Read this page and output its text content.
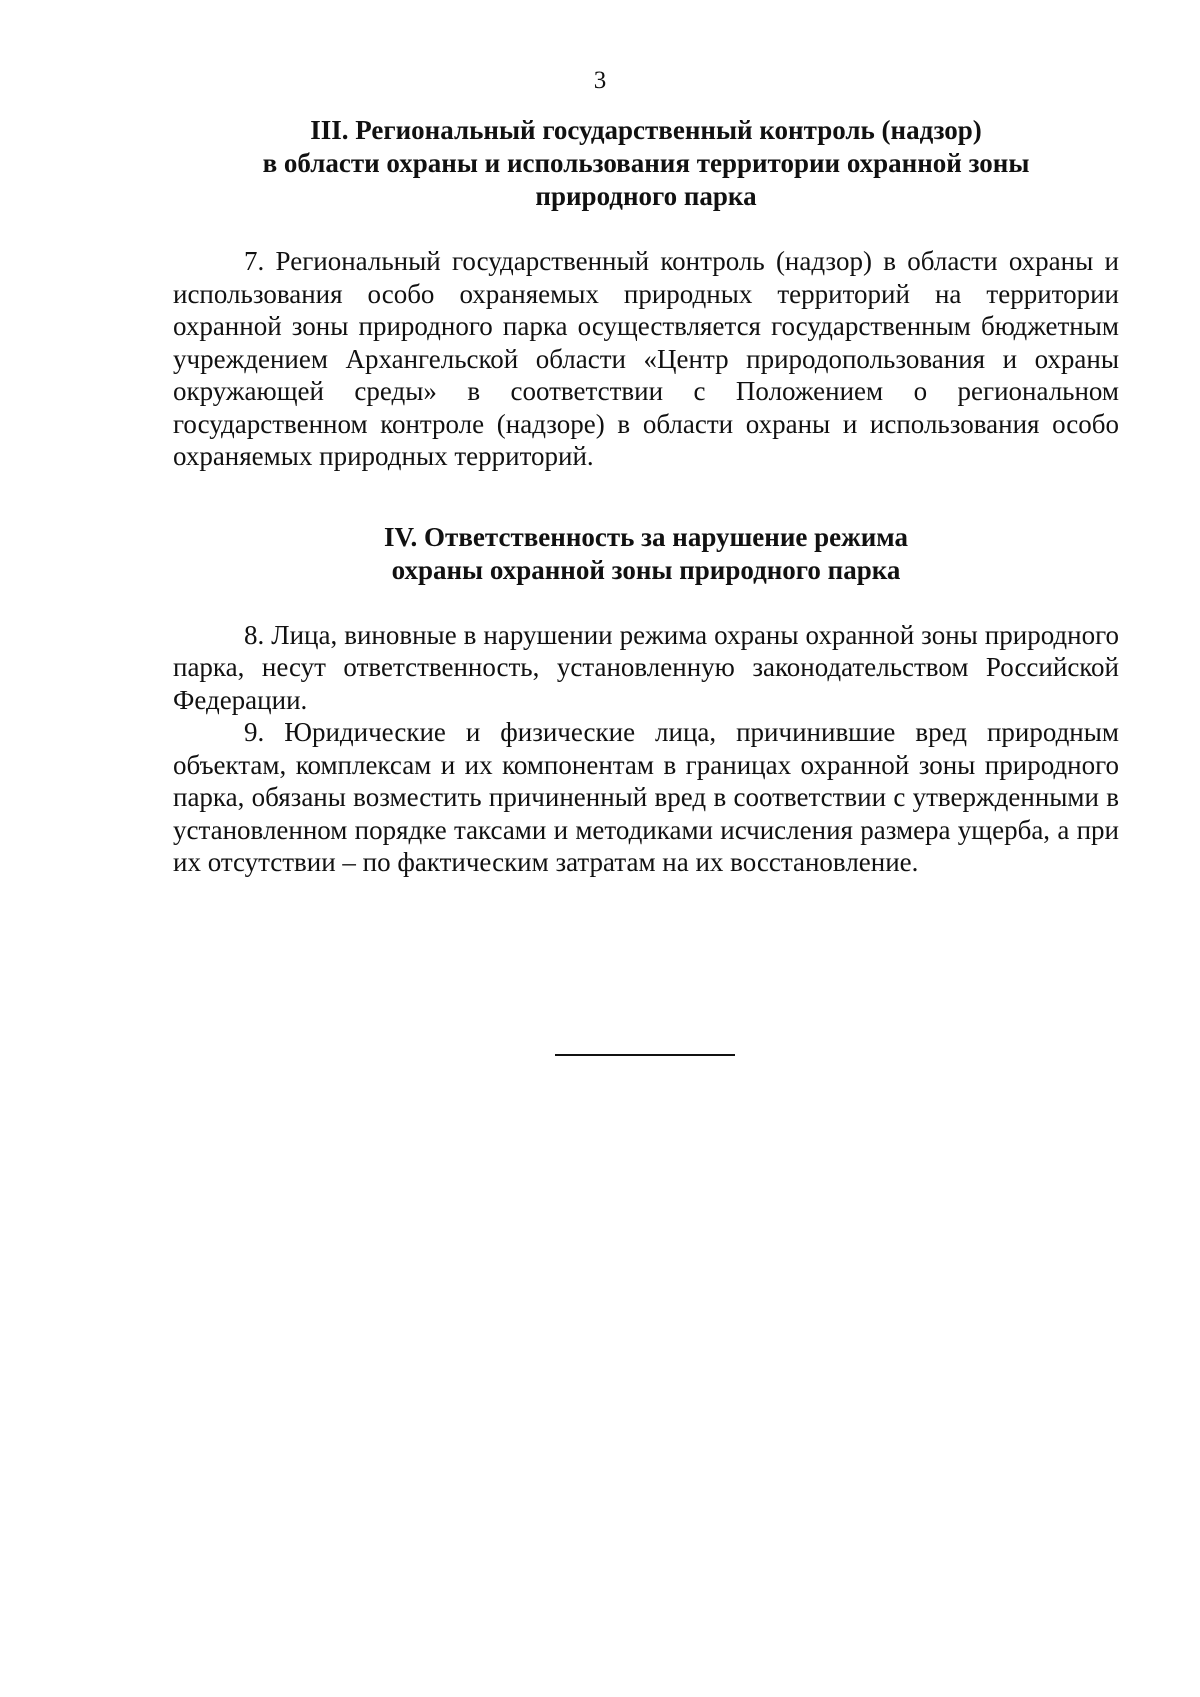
3
III. Региональный государственный контроль (надзор)
в области охраны и использования территории охранной зоны
природного парка

7. Региональный государственный контроль (надзор) в области охраны и использования особо охраняемых природных территорий на территории охранной зоны природного парка осуществляется государственным бюджетным учреждением Архангельской области «Центр природопользования и охраны окружающей среды» в соответствии с Положением о региональном государственном контроле (надзоре) в области охраны и использования особо охраняемых природных территорий.

IV. Ответственность за нарушение режима
охраны охранной зоны природного парка

8. Лица, виновные в нарушении режима охраны охранной зоны природного парка, несут ответственность, установленную законодательством Российской Федерации.

9. Юридические и физические лица, причинившие вред природным объектам, комплексам и их компонентам в границах охранной зоны природного парка, обязаны возместить причиненный вред в соответствии с утвержденными в установленном порядке таксами и методиками исчисления размера ущерба, а при их отсутствии – по фактическим затратам на их восстановление.
